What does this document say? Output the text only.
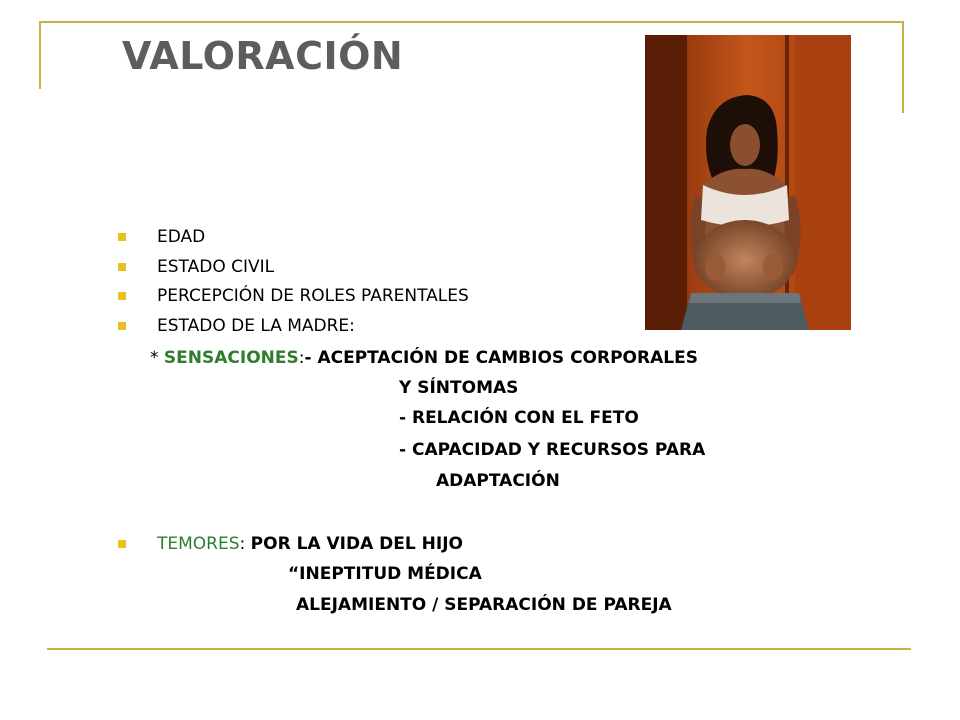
VALORACIÓN
EDAD
ESTADO CIVIL
PERCEPCIÓN DE ROLES PARENTALES
ESTADO DE LA MADRE:
* SENSACIONES:- ACEPTACIÓN DE CAMBIOS CORPORALES
Y SÍNTOMAS
- RELACIÓN CON EL FETO
- CAPACIDAD Y RECURSOS PARA
ADAPTACIÓN
TEMORES: POR LA VIDA DEL HIJO
“INEPTITUD MÉDICA
ALEJAMIENTO / SEPARACIÓN DE PAREJA
